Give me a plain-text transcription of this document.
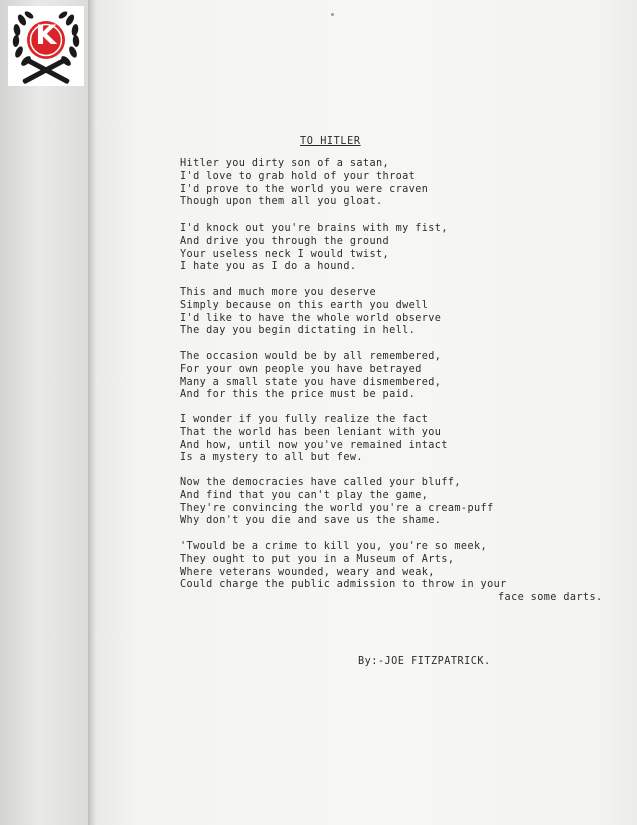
K
TO HITLER

Hitler you dirty son of a satan,
I'd love to grab hold of your throat
I'd prove to the world you were craven
Though upon them all you gloat.

I'd knock out you're brains with my fist,
And drive you through the ground
Your useless neck I would twist,
I hate you as I do a hound.

This and much more you deserve
Simply because on this earth you dwell
I'd like to have the whole world observe
The day you begin dictating in hell.

The occasion would be by all remembered,
For your own people you have betrayed
Many a small state you have dismembered,
And for this the price must be paid.

I wonder if you fully realize the fact
That the world has been leniant with you
And how, until now you've remained intact
Is a mystery to all but few.

Now the democracies have called your bluff,
And find that you can't play the game,
They're convincing the world you're a cream-puff
Why don't you die and save us the shame.

'Twould be a crime to kill you, you're so meek,
They ought to put you in a Museum of Arts,
Where veterans wounded, weary and weak,
Could charge the public admission to throw in your
face some darts.

By:-JOE FITZPATRICK.
